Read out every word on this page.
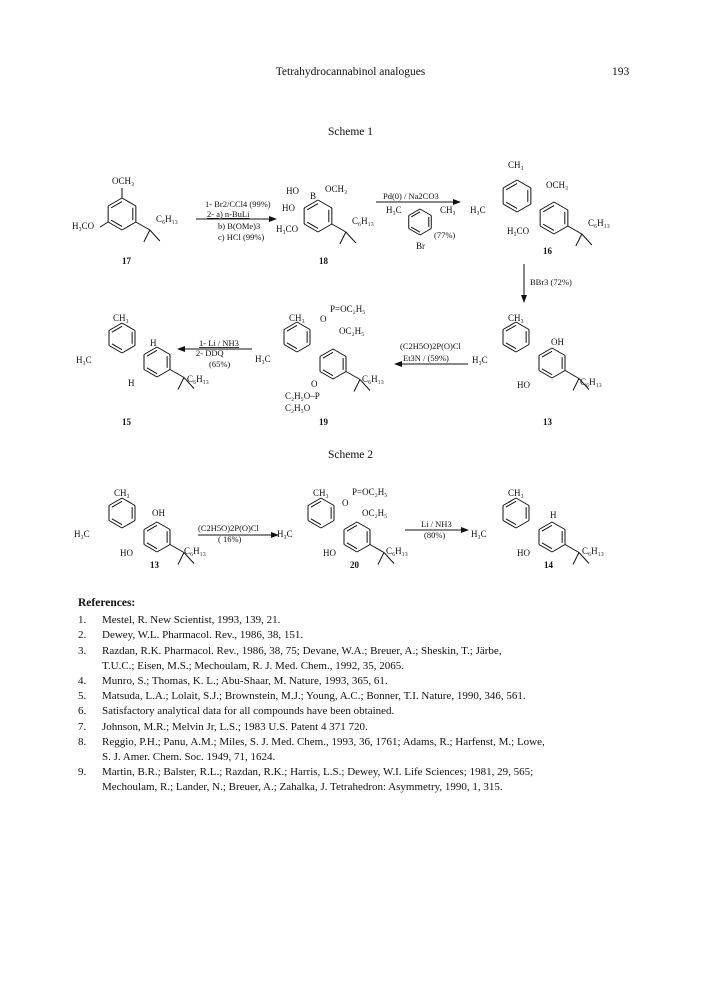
Tetrahydrocannabinol analogues	193
Scheme 1
Scheme 2
OCH₃
H₃CO
C₆H₁₃
HO B
HO
OCH₃
H₃CO
C₆H₁₃
H₃C	CH₃
Br
CH₃
H₃C
OCH₃
H₃CO
C₆H₁₃
CH₃
H₃C
H
H	C₆H₁₃
CH₃
H₃C
O
P=OC₂H₅
OC₂H₅
O
C₂H₅O–P
C₂H₅O
C₆H₁₃
CH₃
H₃C
OH
HO	C₆H₁₃
CH₃
H₃C
OH
HO	C₆H₁₃
CH₃
H₃C
O
P=OC₂H₅
OC₂H₅
HO	C₆H₁₃
CH₃
H₃C
H
HO	C₆H₁₃
17	18
16
15	19	13
13	20	14
1- Br2/CCl4 (99%)
2- a) n-BuLi
b) B(OMe)3
c) HCl (99%)
Pd(0) / Na2CO3
(77%)
BBr3 (72%)
(C2H5O)2P(O)Cl
Et3N / (59%)
1- Li / NH3
2- DDQ
(65%)
(C2H5O)2P(O)Cl
( 16%)
Li / NH3
(80%)
References:
1. Mestel, R. New Scientist, 1993, 139, 21.
2. Dewey, W.L. Pharmacol. Rev., 1986, 38, 151.
3. Razdan, R.K. Pharmacol. Rev., 1986, 38, 75; Devane, W.A.; Breuer, A.; Sheskin, T.; Järbe,
T.U.C.; Eisen, M.S.; Mechoulam, R. J. Med. Chem., 1992, 35, 2065.
4. Munro, S.; Thomas, K. L.; Abu-Shaar, M. Nature, 1993, 365, 61.
5. Matsuda, L.A.; Lolait, S.J.; Brownstein, M.J.; Young, A.C.; Bonner, T.I. Nature, 1990, 346, 561.
6. Satisfactory analytical data for all compounds have been obtained.
7. Johnson, M.R.; Melvin Jr, L.S.; 1983 U.S. Patent 4 371 720.
8. Reggio, P.H.; Panu, A.M.; Miles, S. J. Med. Chem., 1993, 36, 1761; Adams, R.; Harfenst, M.; Lowe,
S. J. Amer. Chem. Soc. 1949, 71, 1624.
9. Martin, B.R.; Balster, R.L.; Razdan, R.K.; Harris, L.S.; Dewey, W.I. Life Sciences; 1981, 29, 565;
Mechoulam, R.; Lander, N.; Breuer, A.; Zahalka, J. Tetrahedron: Asymmetry, 1990, 1, 315.
